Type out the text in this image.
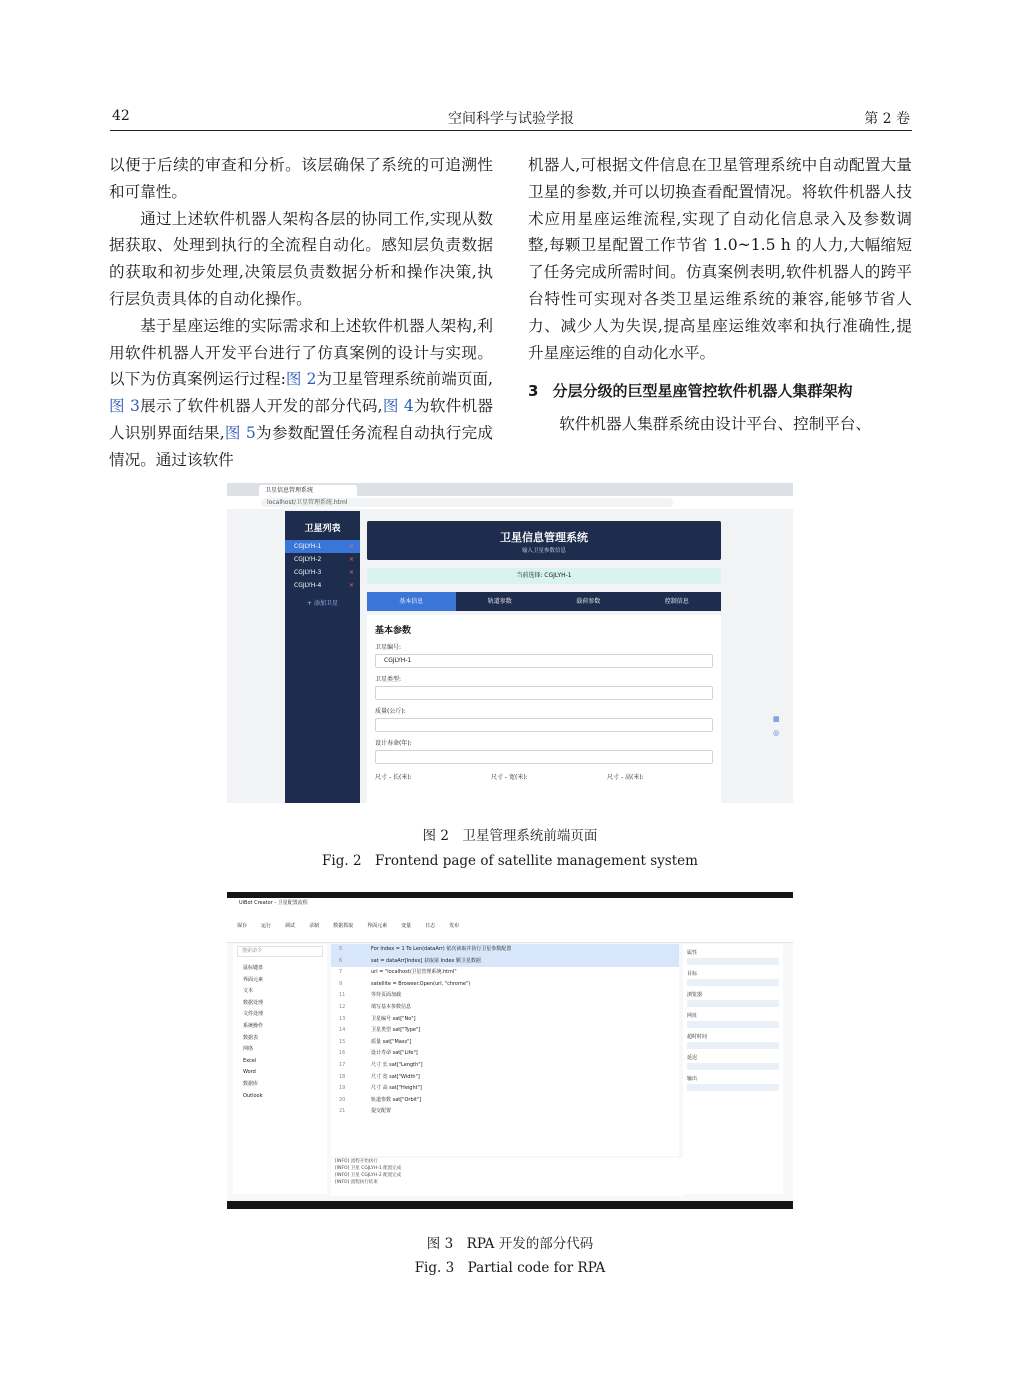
42	空间科学与试验学报	第 2 卷

以便于后续的审查和分析。该层确保了系统的可追溯性和可靠性。

通过上述软件机器人架构各层的协同工作,实现从数据获取、处理到执行的全流程自动化。感知层负责数据的获取和初步处理,决策层负责数据分析和操作决策,执行层负责具体的自动化操作。

基于星座运维的实际需求和上述软件机器人架构,利用软件机器人开发平台进行了仿真案例的设计与实现。以下为仿真案例运行过程:图 2为卫星管理系统前端页面,图 3展示了软件机器人开发的部分代码,图 4为软件机器人识别界面结果,图 5为参数配置任务流程自动执行完成情况。通过该软件

机器人,可根据文件信息在卫星管理系统中自动配置大量卫星的参数,并可以切换查看配置情况。将软件机器人技术应用星座运维流程,实现了自动化信息录入及参数调整,每颗卫星配置工作节省 1.0~1.5 h 的人力,大幅缩短了任务完成所需时间。仿真案例表明,软件机器人的跨平台特性可实现对各类卫星运维系统的兼容,能够节省人力、减少人为失误,提高星座运维效率和执行准确性,提升星座运维的自动化水平。

3 分层分级的巨型星座管控软件机器人集群架构

软件机器人集群系统由设计平台、控制平台、

卫星信息管理系统
localhost/卫星管理系统.html
卫星列表
CGJLYH-1	×
CGJLYH-2	×
CGJLYH-3	×
CGJLYH-4	×
+ 添加卫星
卫星信息管理系统
输入卫星参数信息
当前选择: CGJLYH-1
基本信息	轨道参数	载荷参数	控制信息
基本参数
卫星编号:
CGJLYH-1
卫星类型:
质量(公斤):
设计寿命(年):
尺寸 - 长(米):	尺寸 - 宽(米):	尺寸 - 高(米):
▦
◎
图 2　卫星管理系统前端页面
Fig. 2　Frontend page of satellite management system
UiBot Creator - 卫星配置流程
保存	运行	调试	录制	数据抓取	界面元素	变量	日志	发布
搜索命令
鼠标键盘
界面元素
文本
数据处理
文件处理
系统操作
数据表
网络
Excel
Word
数据库
Outlook
5	For Index = 1 To Len(dataArr) 依次读取并执行卫星参数配置
6	sat = dataArr[Index] 获取第 Index 颗卫星数据
7	url = "localhost/卫星管理系统.html"
9	satellite = Browser.Open(url, "chrome")
11	等待页面加载
12	填写基本参数信息
13	卫星编号 sat["No"]
14	卫星类型 sat["Type"]
15	质量 sat["Mass"]
16	设计寿命 sat["Life"]
17	尺寸 长 sat["Length"]
18	尺寸 宽 sat["Width"]
19	尺寸 高 sat["Height"]
20	轨道参数 sat["Orbit"]
21	提交配置
[INFO] 流程开始执行
[INFO] 卫星 CGJLYH-1 配置完成
[INFO] 卫星 CGJLYH-2 配置完成
[INFO] 流程执行结束
属性
目标
浏览器
网址
超时时间
延迟
输出
图 3　RPA 开发的部分代码
Fig. 3　Partial code for RPA
